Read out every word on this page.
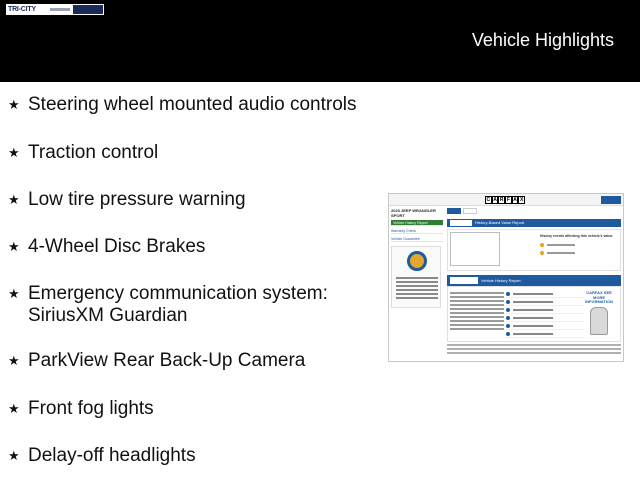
TRI-CITY
Vehicle Highlights
★ Steering wheel mounted audio controls
★ Traction control
★ Low tire pressure warning
★ 4-Wheel Disc Brakes
★ Emergency communication system: SiriusXM Guardian
★ ParkView Rear Back-Up Camera
★ Front fog lights
★ Delay-off headlights
C A R F A X
2023 JEEP WRANGLER SPORT
Vehicle History Report
Warranty Check
Vehicle Guarantee
History-Based Value Report
History events affecting this vehicle's value
Vehicle History Report
CARFAX SEE MORE INFORMATION
